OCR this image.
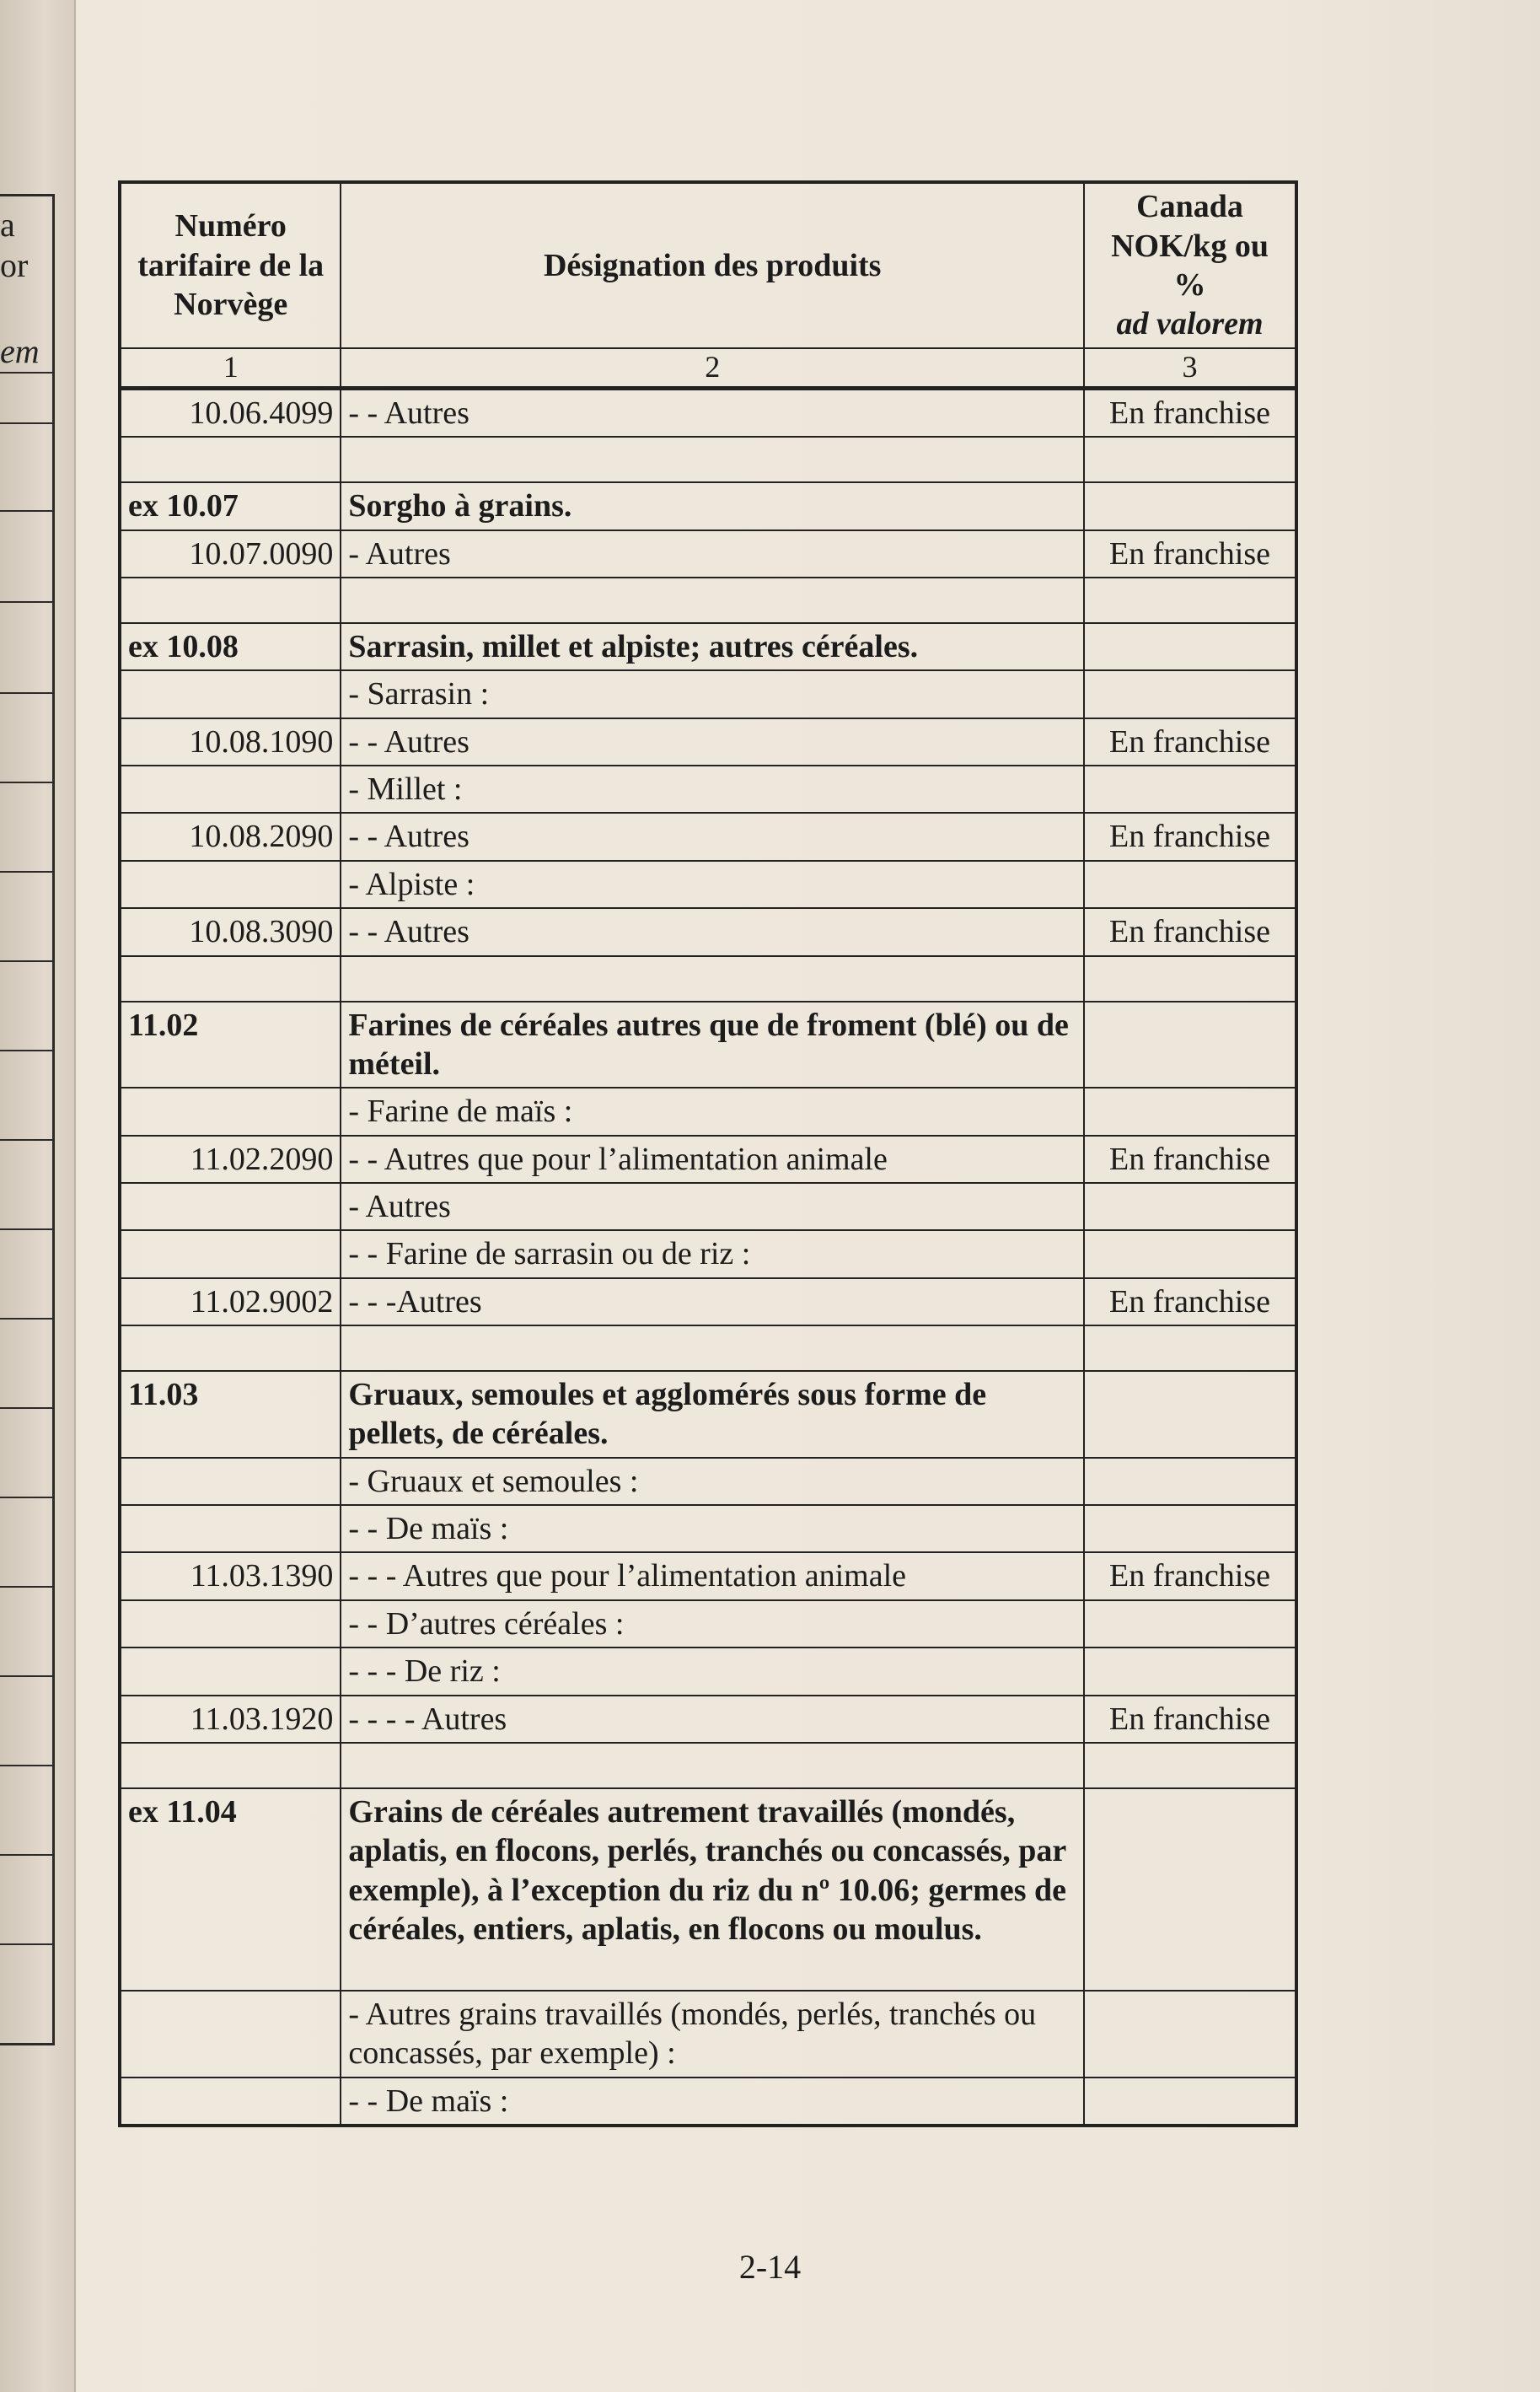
a
or
em
Numéro tarifaire de la Norvège	Désignation des produits	Canada NOK/kg ou %
ad valorem
1	2	3
10.06.4099	- - Autres	En franchise

ex 10.07	Sorgho à grains.	
10.07.0090	- Autres	En franchise

ex 10.08	Sarrasin, millet et alpiste; autres céréales.	
	- Sarrasin :	
10.08.1090	- - Autres	En franchise
	- Millet :	
10.08.2090	- - Autres	En franchise
	- Alpiste :	
10.08.3090	- - Autres	En franchise

11.02	Farines de céréales autres que de froment (blé) ou de méteil.	
	- Farine de maïs :	
11.02.2090	- - Autres que pour l’alimentation animale	En franchise
	- Autres	
	- - Farine de sarrasin ou de riz :	
11.02.9002	- - -Autres	En franchise

11.03	Gruaux, semoules et agglomérés sous forme de pellets, de céréales.	
	- Gruaux et semoules :	
	- - De maïs :	
11.03.1390	- - - Autres que pour l’alimentation animale	En franchise
	- - D’autres céréales :	
	- - - De riz :	
11.03.1920	- - - - Autres	En franchise

ex 11.04	Grains de céréales autrement travaillés (mondés, aplatis, en flocons, perlés, tranchés ou concassés, par exemple), à l’exception du riz du nº 10.06; germes de céréales, entiers, aplatis, en flocons ou moulus.	
	- Autres grains travaillés (mondés, perlés, tranchés ou concassés, par exemple) :	
	- - De maïs :	
2-14
